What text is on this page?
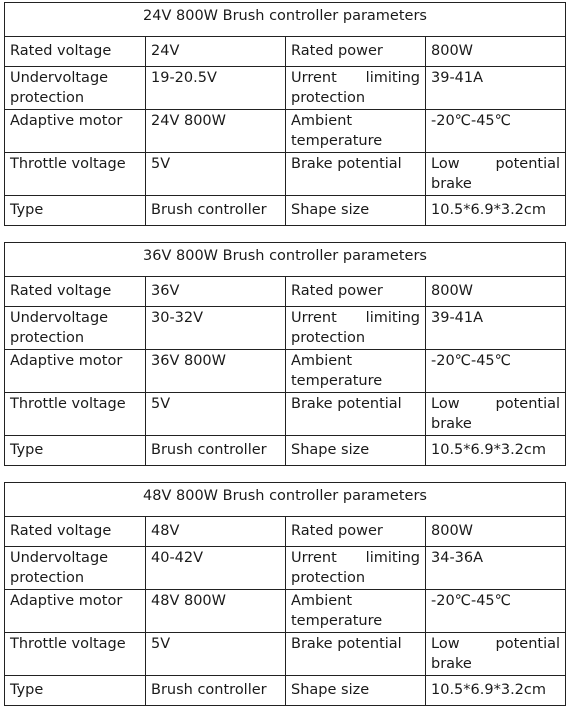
24V 800W Brush controller parameters			
Rated voltage	24V	Rated power	800W
Undervoltage protection	19-20.5V	Urrent limiting protection	39-41A
Adaptive motor	24V 800W	Ambient temperature	-20℃-45℃
Throttle voltage	5V	Brake potential	Low potential brake
Type	Brush controller	Shape size	10.5*6.9*3.2cm
36V 800W Brush controller parameters			
Rated voltage	36V	Rated power	800W
Undervoltage protection	30-32V	Urrent limiting protection	39-41A
Adaptive motor	36V 800W	Ambient temperature	-20℃-45℃
Throttle voltage	5V	Brake potential	Low potential brake
Type	Brush controller	Shape size	10.5*6.9*3.2cm
48V 800W Brush controller parameters			
Rated voltage	48V	Rated power	800W
Undervoltage protection	40-42V	Urrent limiting protection	34-36A
Adaptive motor	48V 800W	Ambient temperature	-20℃-45℃
Throttle voltage	5V	Brake potential	Low potential brake
Type	Brush controller	Shape size	10.5*6.9*3.2cm
